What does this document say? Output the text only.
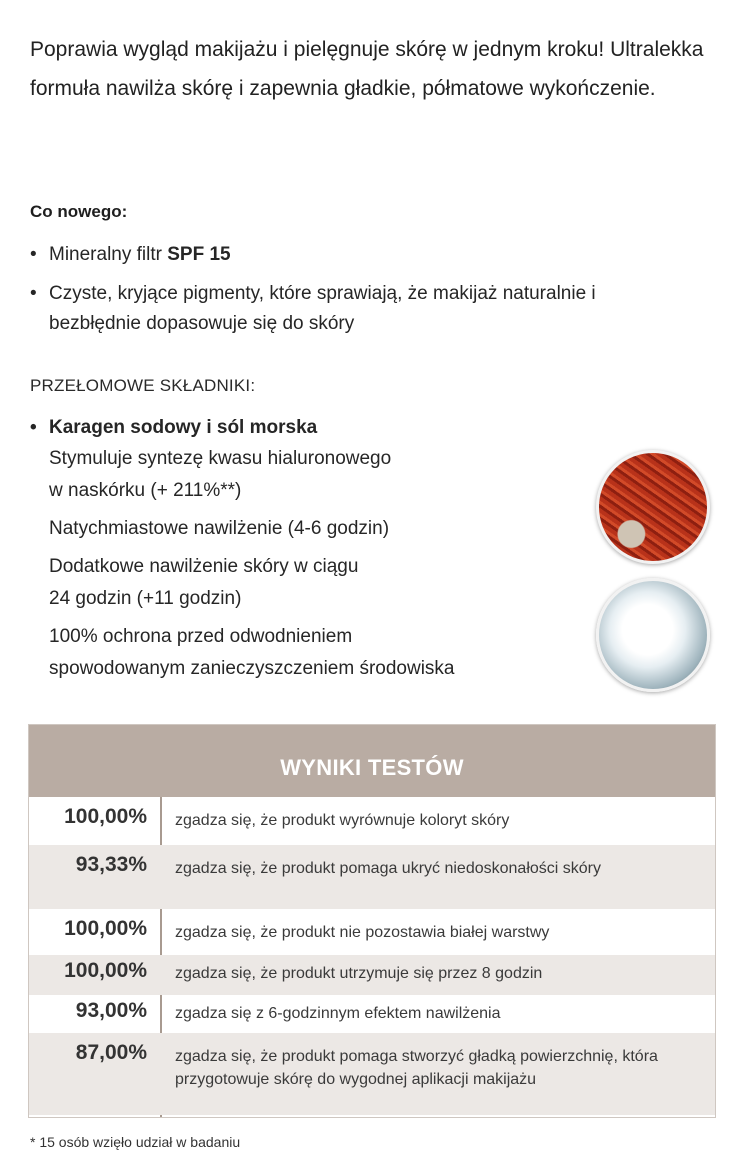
Poprawia wygląd makijażu i pielęgnuje skórę w jednym kroku! Ultralekka formuła nawilża skórę i zapewnia gładkie, półmatowe wykończenie.

Co nowego:
• Mineralny filtr SPF 15
• Czyste, kryjące pigmenty, które sprawiają, że makijaż naturalnie i bezbłędnie dopasowuje się do skóry
PRZEŁOMOWE SKŁADNIKI:
• Karagen sodowy i sól morska
Stymuluje syntezę kwasu hialuronowego
w naskórku (+ 211%**)
Natychmiastowe nawilżenie (4-6 godzin)
Dodatkowe nawilżenie skóry w ciągu
24 godzin (+11 godzin)
100% ochrona przed odwodnieniem
spowodowanym zanieczyszczeniem środowiska
WYNIKI TESTÓW
100,00% zgadza się, że produkt wyrównuje koloryt skóry
93,33% zgadza się, że produkt pomaga ukryć niedoskonałości skóry
100,00% zgadza się, że produkt nie pozostawia białej warstwy
100,00% zgadza się, że produkt utrzymuje się przez 8 godzin
93,00% zgadza się z 6-godzinnym efektem nawilżenia
87,00% zgadza się, że produkt pomaga stworzyć gładką powierzchnię, która przygotowuje skórę do wygodnej aplikacji makijażu
* 15 osób wzięło udział w badaniu
